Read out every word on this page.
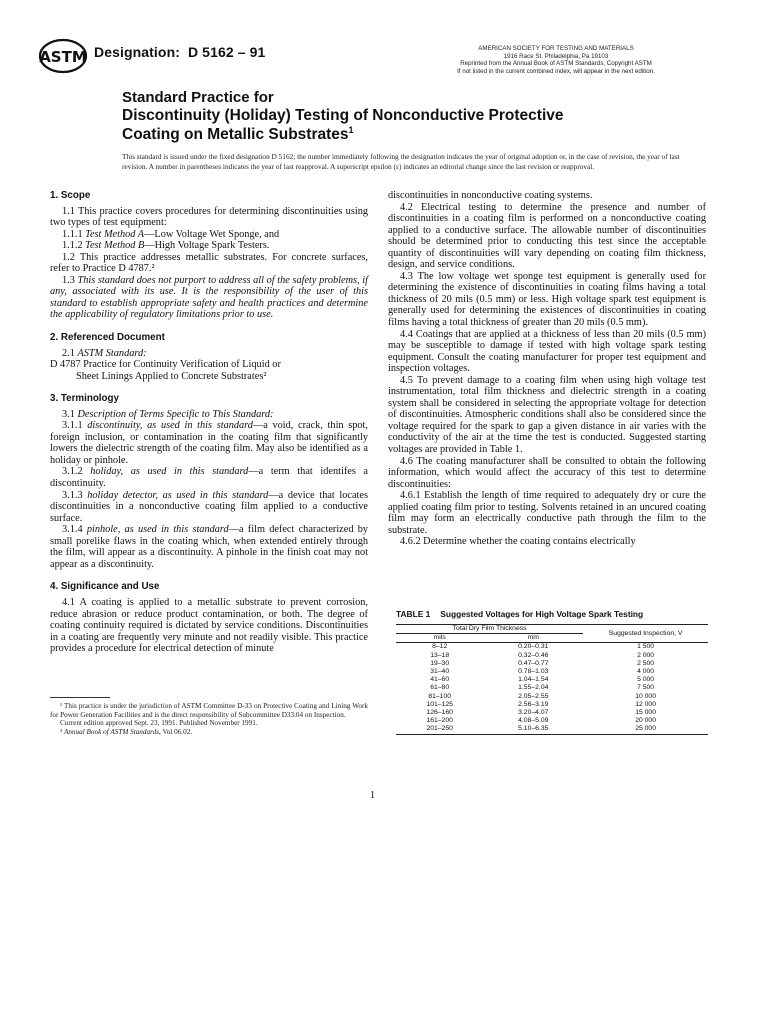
ASTM Designation: D 5162 – 91	AMERICAN SOCIETY FOR TESTING AND MATERIALS
1916 Race St. Philadelphia, Pa 19103
Reprinted from the Annual Book of ASTM Standards, Copyright ASTM
If not listed in the current combined index, will appear in the next edition.
Standard Practice for
Discontinuity (Holiday) Testing of Nonconductive Protective
Coating on Metallic Substrates$^1$
This standard is issued under the fixed designation D 5162; the number immediately following the designation indicates the year of original adoption or, in the case of revision, the year of last revision. A number in parentheses indicates the year of last reapproval. A superscript epsilon (ε) indicates an editorial change since the last revision or reapproval.

1. Scope

1.1 This practice covers procedures for determining discontinuities using two types of test equipment:

1.1.1 Test Method A—Low Voltage Wet Sponge, and

1.1.2 Test Method B—High Voltage Spark Testers.

1.2 This practice addresses metallic substrates. For concrete surfaces, refer to Practice D 4787.²

1.3 This standard does not purport to address all of the safety problems, if any, associated with its use. It is the responsibility of the user of this standard to establish appropriate safety and health practices and determine the applicability of regulatory limitations prior to use.

2. Referenced Document

2.1 ASTM Standard:

D 4787 Practice for Continuity Verification of Liquid or
Sheet Linings Applied to Concrete Substrates²

3. Terminology

3.1 Description of Terms Specific to This Standard:

3.1.1 discontinuity, as used in this standard—a void, crack, thin spot, foreign inclusion, or contamination in the coating film that significantly lowers the dielectric strength of the coating film. May also be identified as a holiday or pinhole.

3.1.2 holiday, as used in this standard—a term that identifes a discontinuity.

3.1.3 holiday detector, as used in this standard—a device that locates discontinuities in a nonconductive coating film applied to a conductive surface.

3.1.4 pinhole, as used in this standard—a film defect characterized by small porelike flaws in the coating which, when extended entirely through the film, will appear as a discontinuity. A pinhole in the finish coat may not appear as a discontinuity.

4. Significance and Use

4.1 A coating is applied to a metallic substrate to prevent corrosion, reduce abrasion or reduce product contamination, or both. The degree of coating continuity required is dictated by service conditions. Discontinuities in a coating are frequently very minute and not readily visible. This practice provides a procedure for electrical detection of minute

¹ This practice is under the jurisdiction of ASTM Committee D-33 on Protective Coating and Lining Work for Power Generation Facilities and is the direct responsibility of Subcommittee D33.04 on Inspection.

Current edition approved Sept. 23, 1991. Published November 1991.

² Annual Book of ASTM Standards, Vol 06.02.

discontinuities in nonconductive coating systems.

4.2 Electrical testing to determine the presence and number of discontinuities in a coating film is performed on a nonconductive coating applied to a conductive surface. The allowable number of discontinuities should be determined prior to conducting this test since the acceptable quantity of discontinuities will vary depending on coating film thickness, design, and service conditions.

4.3 The low voltage wet sponge test equipment is generally used for determining the existence of discontinuities in coating films having a total thickness of 20 mils (0.5 mm) or less. High voltage spark test equipment is generally used for determining the existences of discontinuities in coating films having a total thickness of greater than 20 mils (0.5 mm).

4.4 Coatings that are applied at a thickness of less than 20 mils (0.5 mm) may be susceptible to damage if tested with high voltage spark testing equipment. Consult the coating manufacturer for proper test equipment and inspection voltages.

4.5 To prevent damage to a coating film when using high voltage test instrumentation, total film thickness and dielectric strength in a coating system shall be considered in selecting the appropriate voltage for detection of discontinuities. Atmospheric conditions shall also be considered since the voltage required for the spark to gap a given distance in air varies with the conductivity of the air at the time the test is conducted. Suggested starting voltages are provided in Table 1.

4.6 The coating manufacturer shall be consulted to obtain the following information, which would affect the accuracy of this test to determine discontinuities:

4.6.1 Establish the length of time required to adequately dry or cure the applied coating film prior to testing. Solvents retained in an uncured coating film may form an electrically conductive path through the film to the substrate.

4.6.2 Determine whether the coating contains electrically

TABLE 1 Suggested Voltages for High Voltage Spark Testing
Total Dry Film Thickness		Suggested Inspection, V
mils	mm	
8–12	0.20–0.31	1 500
13–18	0.32–0.46	2 000
19–30	0.47–0.77	2 500
31–40	0.78–1.03	4 000
41–60	1.04–1.54	5 000
61–80	1.55–2.04	7 500
81–100	2.05–2.55	10 000
101–125	2.56–3.19	12 000
126–160	3.20–4.07	15 000
161–200	4.08–5.09	20 000
201–250	5.10–6.35	25 000
1
